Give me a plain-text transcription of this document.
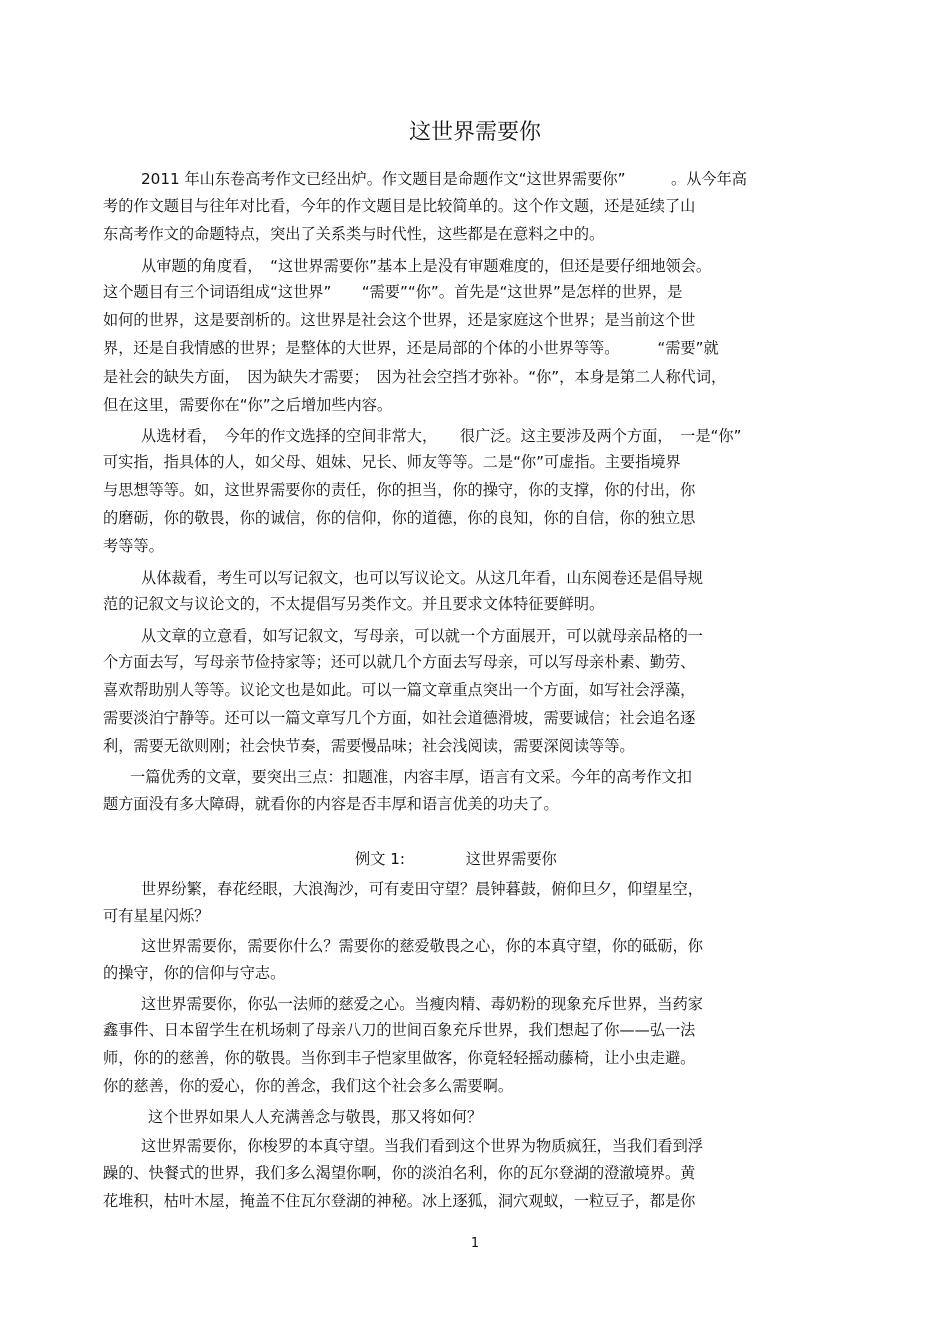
这世界需要你
2011 年山东卷高考作文已经出炉。作文题目是命题作文“这世界需要你”　　　。从今年高
考的作文题目与往年对比看，今年的作文题目是比较简单的。这个作文题，还是延续了山
东高考作文的命题特点，突出了关系类与时代性，这些都是在意料之中的。
从审题的角度看，　“这世界需要你”基本上是没有审题难度的，但还是要仔细地领会。
这个题目有三个词语组成“这世界”　　“需要”“你”。首先是“这世界”是怎样的世界，是
如何的世界，这是要剖析的。这世界是社会这个世界，还是家庭这个世界；是当前这个世
界，还是自我情感的世界；是整体的大世界，还是局部的个体的小世界等等。　　　“需要”就
是社会的缺失方面，　因为缺失才需要；　因为社会空挡才弥补。“你”，本身是第二人称代词，
但在这里，需要你在“你”之后增加些内容。
从选材看，　今年的作文选择的空间非常大，　　很广泛。这主要涉及两个方面，　一是“你”
可实指，指具体的人，如父母、姐妹、兄长、师友等等。二是“你”可虚指。主要指境界
与思想等等。如，这世界需要你的责任，你的担当，你的操守，你的支撑，你的付出，你
的磨砺，你的敬畏，你的诚信，你的信仰，你的道德，你的良知，你的自信，你的独立思
考等等。
从体裁看，考生可以写记叙文，也可以写议论文。从这几年看，山东阅卷还是倡导规
范的记叙文与议论文的，不太提倡写另类作文。并且要求文体特征要鲜明。
从文章的立意看，如写记叙文，写母亲，可以就一个方面展开，可以就母亲品格的一
个方面去写，写母亲节俭持家等；还可以就几个方面去写母亲，可以写母亲朴素、勤劳、
喜欢帮助别人等等。议论文也是如此。可以一篇文章重点突出一个方面，如写社会浮藻，
需要淡泊宁静等。还可以一篇文章写几个方面，如社会道德滑坡，需要诚信；社会追名逐
利，需要无欲则刚；社会快节奏，需要慢品味；社会浅阅读，需要深阅读等等。
一篇优秀的文章，要突出三点：扣题准，内容丰厚，语言有文采。今年的高考作文扣
题方面没有多大障碍，就看你的内容是否丰厚和语言优美的功夫了。
例文 1:　　　　这世界需要你
世界纷繁，春花经眼，大浪淘沙，可有麦田守望？晨钟暮鼓，俯仰旦夕，仰望星空，
可有星星闪烁？
这世界需要你，需要你什么？需要你的慈爱敬畏之心，你的本真守望，你的砥砺，你
的操守，你的信仰与守志。
这世界需要你，你弘一法师的慈爱之心。当瘦肉精、毒奶粉的现象充斥世界，当药家
鑫事件、日本留学生在机场刺了母亲八刀的世间百象充斥世界，我们想起了你——弘一法
师，你的的慈善，你的敬畏。当你到丰子恺家里做客，你竟轻轻摇动藤椅，让小虫走避。
你的慈善，你的爱心，你的善念，我们这个社会多么需要啊。
这个世界如果人人充满善念与敬畏，那又将如何？
这世界需要你，你梭罗的本真守望。当我们看到这个世界为物质疯狂，当我们看到浮
躁的、快餐式的世界，我们多么渴望你啊，你的淡泊名利，你的瓦尔登湖的澄澈境界。黄
花堆积，枯叶木屋，掩盖不住瓦尔登湖的神秘。冰上逐狐，洞穴观蚁，一粒豆子，都是你
1
